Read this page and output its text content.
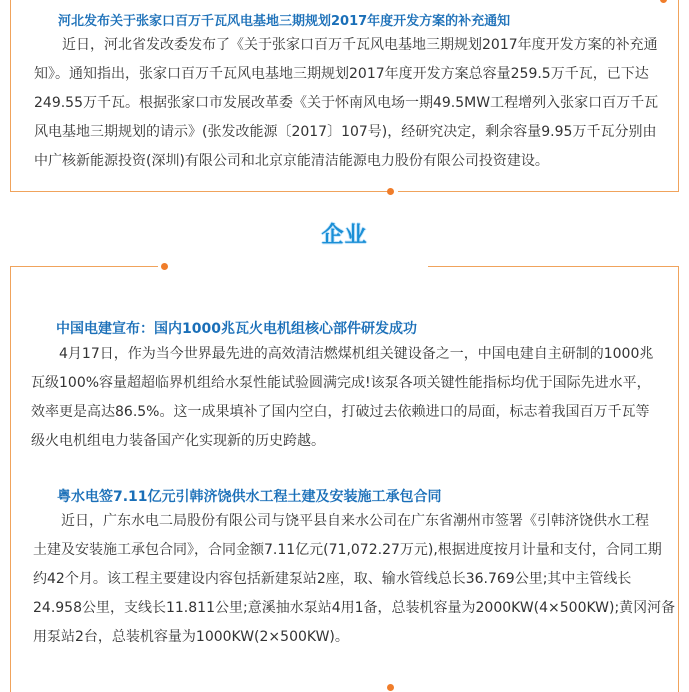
河北发布关于张家口百万千瓦风电基地三期规划2017年度开发方案的补充通知
近日，河北省发改委发布了《关于张家口百万千瓦风电基地三期规划2017年度开发方案的补充通
知》。通知指出，张家口百万千瓦风电基地三期规划2017年度开发方案总容量259.5万千瓦，已下达
249.55万千瓦。根据张家口市发展改革委《关于怀南风电场一期49.5MW工程增列入张家口百万千瓦
风电基地三期规划的请示》(张发改能源〔2017〕107号)，经研究决定，剩余容量9.95万千瓦分别由
中广核新能源投资(深圳)有限公司和北京京能清洁能源电力股份有限公司投资建设。
企业
中国电建宣布：国内1000兆瓦火电机组核心部件研发成功
4月17日，作为当今世界最先进的高效清洁燃煤机组关键设备之一，中国电建自主研制的1000兆
瓦级100%容量超超临界机组给水泵性能试验圆满完成!该泵各项关键性能指标均优于国际先进水平，
效率更是高达86.5%。这一成果填补了国内空白，打破过去依赖进口的局面，标志着我国百万千瓦等
级火电机组电力装备国产化实现新的历史跨越。
粤水电签7.11亿元引韩济饶供水工程土建及安装施工承包合同
近日，广东水电二局股份有限公司与饶平县自来水公司在广东省潮州市签署《引韩济饶供水工程
土建及安装施工承包合同》，合同金额7.11亿元(71,072.27万元),根据进度按月计量和支付，合同工期
约42个月。该工程主要建设内容包括新建泵站2座，取、输水管线总长36.769公里;其中主管线长
24.958公里，支线长11.811公里;意溪抽水泵站4用1备，总装机容量为2000KW(4×500KW);黄冈河备
用泵站2台，总装机容量为1000KW(2×500KW)。
